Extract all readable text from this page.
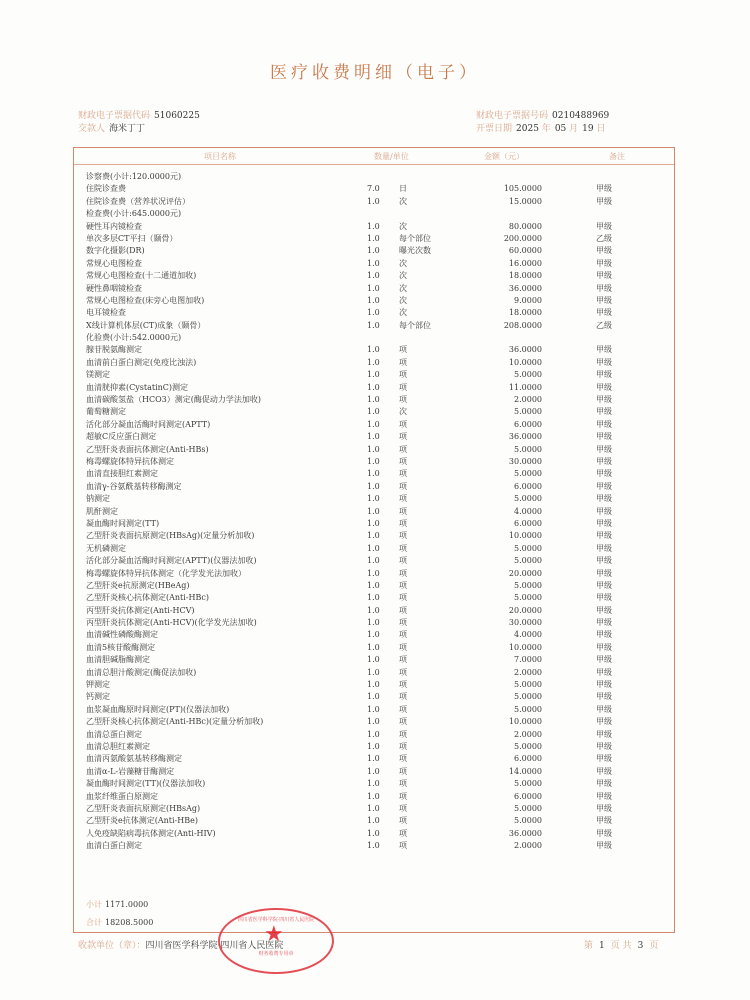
医疗收费明细（电子）
财政电子票据代码 51060225
交款人 海米丁丁
财政电子票据号码 0210488969
开票日期 2025 年 05 月 19 日
项目名称	数量/单位	金额（元）	备注
诊察费(小计:120.0000元)
住院诊查费	7.0 日	105.0000	甲级
住院诊查费（营养状况评估）	1.0 次	15.0000	甲级
检查费(小计:645.0000元)
硬性耳内镜检查	1.0 次	80.0000	甲级
单次多层CT平扫（颞骨）	1.0 每个部位	200.0000	乙级
数字化摄影(DR)	1.0 曝光次数	60.0000	甲级
常规心电图检查	1.0 次	16.0000	甲级
常规心电图检查(十二通道加收)	1.0 次	18.0000	甲级
硬性鼻咽镜检查	1.0 次	36.0000	甲级
常规心电图检查(床旁心电图加收)	1.0 次	9.0000	甲级
电耳镜检查	1.0 次	18.0000	甲级
X线计算机体层(CT)成象（颞骨）	1.0 每个部位	208.0000	乙级
化验费(小计:542.0000元)
腺苷脱氨酶测定	1.0 项	36.0000	甲级
血清前白蛋白测定(免疫比浊法)	1.0 项	10.0000	甲级
镁测定	1.0 项	5.0000	甲级
血清胱抑素(CystatinC)测定	1.0 项	11.0000	甲级
血清碳酸氢盐（HCO3）测定(酶促动力学法加收)	1.0 项	2.0000	甲级
葡萄糖测定	1.0 次	5.0000	甲级
活化部分凝血活酶时间测定(APTT)	1.0 项	6.0000	甲级
超敏C反应蛋白测定	1.0 项	36.0000	甲级
乙型肝炎表面抗体测定(Anti-HBs)	1.0 项	5.0000	甲级
梅毒螺旋体特异抗体测定	1.0 项	30.0000	甲级
血清直接胆红素测定	1.0 项	5.0000	甲级
血清γ-谷氨酰基转移酶测定	1.0 项	6.0000	甲级
钠测定	1.0 项	5.0000	甲级
肌酐测定	1.0 项	4.0000	甲级
凝血酶时间测定(TT)	1.0 项	6.0000	甲级
乙型肝炎表面抗原测定(HBsAg)(定量分析加收)	1.0 项	10.0000	甲级
无机磷测定	1.0 项	5.0000	甲级
活化部分凝血活酶时间测定(APTT)(仪器法加收)	1.0 项	5.0000	甲级
梅毒螺旋体特异抗体测定（化学发光法加收）	1.0 项	20.0000	甲级
乙型肝炎e抗原测定(HBeAg)	1.0 项	5.0000	甲级
乙型肝炎核心抗体测定(Anti-HBc)	1.0 项	5.0000	甲级
丙型肝炎抗体测定(Anti-HCV)	1.0 项	20.0000	甲级
丙型肝炎抗体测定(Anti-HCV)(化学发光法加收)	1.0 项	30.0000	甲级
血清碱性磷酸酶测定	1.0 项	4.0000	甲级
血清5核苷酸酶测定	1.0 项	10.0000	甲级
血清胆碱脂酶测定	1.0 项	7.0000	甲级
血清总胆汁酸测定(酶促法加收)	1.0 项	2.0000	甲级
钾测定	1.0 项	5.0000	甲级
钙测定	1.0 项	5.0000	甲级
血浆凝血酶原时间测定(PT)(仪器法加收)	1.0 项	5.0000	甲级
乙型肝炎核心抗体测定(Anti-HBc)(定量分析加收)	1.0 项	10.0000	甲级
血清总蛋白测定	1.0 项	2.0000	甲级
血清总胆红素测定	1.0 项	5.0000	甲级
血清丙氨酸氨基转移酶测定	1.0 项	6.0000	甲级
血清α-L-岩藻糖苷酶测定	1.0 项	14.0000	甲级
凝血酶时间测定(TT)(仪器法加收)	1.0 项	5.0000	甲级
血浆纤维蛋白原测定	1.0 项	6.0000	甲级
乙型肝炎表面抗原测定(HBsAg)	1.0 项	5.0000	甲级
乙型肝炎e抗体测定(Anti-HBe)	1.0 项	5.0000	甲级
人免疫缺陷病毒抗体测定(Anti-HIV)	1.0 项	36.0000	甲级
血清白蛋白测定	1.0 项	2.0000	甲级
小计 1171.0000
合计 18208.5000
收款单位（章）：四川省医学科学院·四川省人民医院	第 1 页 共 3 页
四川省医学科学院·四川省人民医院
★
财务收费专用章
